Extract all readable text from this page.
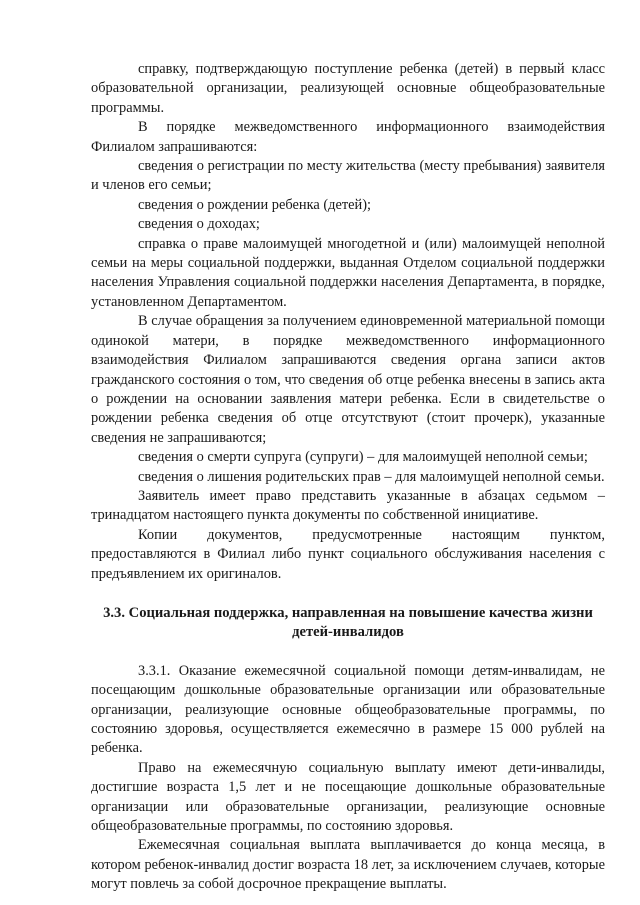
справку, подтверждающую поступление ребенка (детей) в первый класс образовательной организации, реализующей основные общеобразовательные программы.

В порядке межведомственного информационного взаимодействия Филиалом запрашиваются:

сведения о регистрации по месту жительства (месту пребывания) заявителя и членов его семьи;

сведения о рождении ребенка (детей);

сведения о доходах;

справка о праве малоимущей многодетной и (или) малоимущей неполной семьи на меры социальной поддержки, выданная Отделом социальной поддержки населения Управления социальной поддержки населения Департамента, в порядке, установленном Департаментом.

В случае обращения за получением единовременной материальной помощи одинокой матери, в порядке межведомственного информационного взаимодействия Филиалом запрашиваются сведения органа записи актов гражданского состояния о том, что сведения об отце ребенка внесены в запись акта о рождении на основании заявления матери ребенка. Если в свидетельстве о рождении ребенка сведения об отце отсутствуют (стоит прочерк), указанные сведения не запрашиваются;

сведения о смерти супруга (супруги) – для малоимущей неполной семьи;

сведения о лишения родительских прав – для малоимущей неполной семьи.

Заявитель имеет право представить указанные в абзацах седьмом – тринадцатом настоящего пункта документы по собственной инициативе.

Копии документов, предусмотренные настоящим пунктом, предоставляются в Филиал либо пункт социального обслуживания населения с предъявлением их оригиналов.

3.3. Социальная поддержка, направленная на повышение качества жизни детей-инвалидов

3.3.1. Оказание ежемесячной социальной помощи детям-инвалидам, не посещающим дошкольные образовательные организации или образовательные организации, реализующие основные общеобразовательные программы, по состоянию здоровья, осуществляется ежемесячно в размере 15 000 рублей на ребенка.

Право на ежемесячную социальную выплату имеют дети-инвалиды, достигшие возраста 1,5 лет и не посещающие дошкольные образовательные организации или образовательные организации, реализующие основные общеобразовательные программы, по состоянию здоровья.

Ежемесячная социальная выплата выплачивается до конца месяца, в котором ребенок-инвалид достиг возраста 18 лет, за исключением случаев, которые могут повлечь за собой досрочное прекращение выплаты.
